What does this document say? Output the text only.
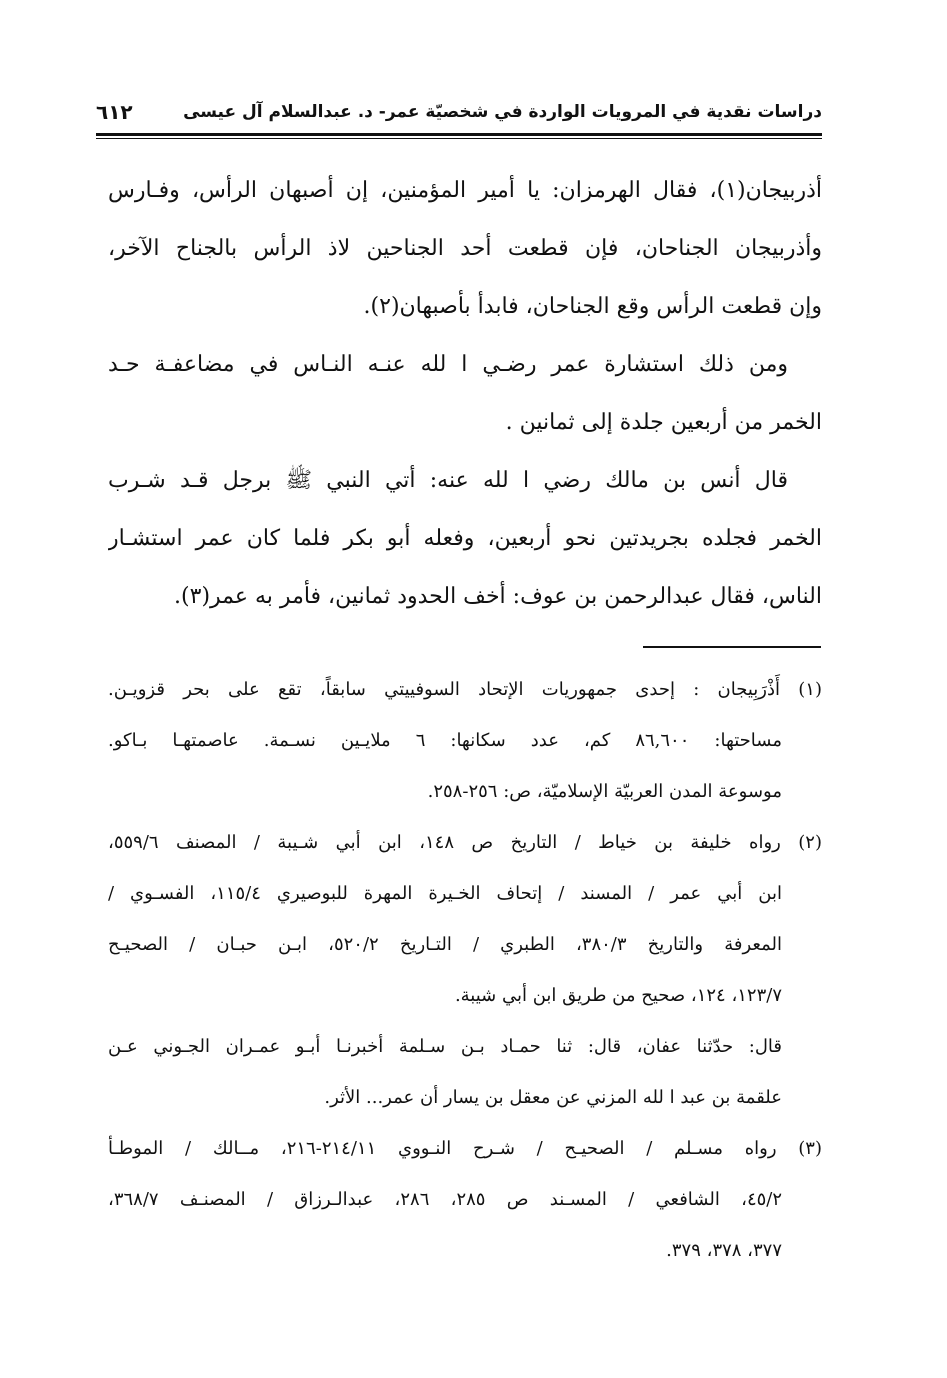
دراسات نقدية في المرويات الواردة في شخصيّة عمر- د. عبدالسلام آل عيسى
٦١٢
أذربيجان(١)، فقال الهرمزان: يا أمير المؤمنين، إن أصبهان الرأس، وفـارس
وأذربيجان الجناحان، فإن قطعت أحد الجناحين لاذ الرأس بالجناح الآخر،
وإن قطعت الرأس وقع الجناحان، فابدأ بأصبهان(٢).
ومن ذلك استشارة عمر رضـي ا لله عنـه النـاس في مضاعفـة حـد
الخمر من أربعين جلدة إلى ثمانين .
قال أنس بن مالك رضي ا لله عنه: أتي النبي ﷺ برجل قـد شـرب
الخمر فجلده بجريدتين نحو أربعين، وفعله أبو بكر فلما كان عمر استشـار
الناس، فقال عبدالرحمن بن عوف: أخف الحدود ثمانين، فأمر به عمر(٣).
(١) أَذْرَبِيجان : إحدى جمهوريات الإتحاد السوفييتي سابقاً، تقع على بحر قزويـن.
مساحتها: ٨٦,٦٠٠ كم، عدد سكانها: ٦ ملايـين نسـمة. عاصمتهـا بـاكو.
موسوعة المدن العربيّة الإسلاميّة، ص: ٢٥٦-٢٥٨.
(٢) رواه خليفة بن خياط / التاريخ ص ١٤٨، ابن أبي شـيبة / المصنف ٥٥٩/٦،
ابن أبي عمر / المسند / إتحاف الخـيرة المهرة للبوصيري ١١٥/٤، الفسـوي /
المعرفة والتاريخ ٣٨٠/٣، الطبري / التـاريخ ٥٢٠/٢، ابـن حبـان / الصحيـح
١٢٣/٧، ١٢٤، صحيح من طريق ابن أبي شيبة.
قال: حدّثنا عفان، قال: ثنا حمـاد بـن سـلمة أخبرنـا أبـو عمـران الجـوني عـن
علقمة بن عبد ا لله المزني عن معقل بن يسار أن عمر... الأثر.
(٣) رواه مسـلم / الصحيـح / شـرح النـووي ٢١٤/١١-٢١٦، مــالك / الموطـأ
٤٥/٢، الشافعي / المسـند ص ٢٨٥، ٢٨٦، عبدالـرزاق / المصنـف ٣٦٨/٧،
٣٧٧، ٣٧٨، ٣٧٩.
